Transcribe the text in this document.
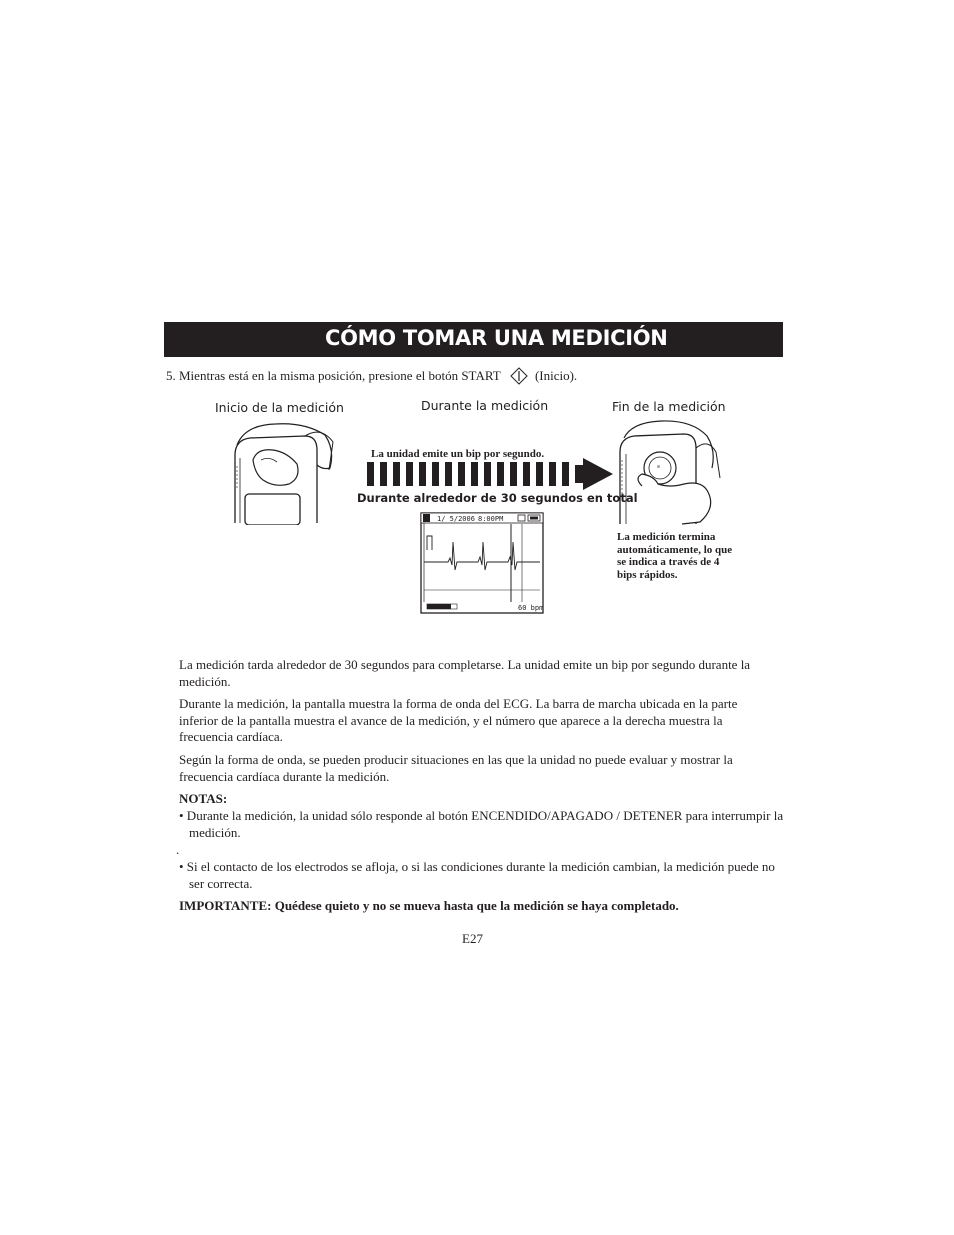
CÓMO TOMAR UNA MEDICIÓN
5. Mientras está en la misma posición, presione el botón START	(Inicio).
Inicio de la medición	Durante la medición	Fin de la medición
La unidad emite un bip por segundo.
Durante alrededor de 30 segundos en total
⊙
La medición termina
automáticamente, lo que
se indica a través de 4
bips rápidos.
1/ 5/2006 8:00PM
60 bpm
La medición tarda alrededor de 30 segundos para completarse. La unidad emite un bip por segundo durante la medición.
Durante la medición, la pantalla muestra la forma de onda del ECG. La barra de marcha ubicada en la parte inferior de la pantalla muestra el avance de la medición, y el número que aparece a la derecha muestra la frecuencia cardíaca.
Según la forma de onda, se pueden producir situaciones en las que la unidad no puede evaluar y mostrar la frecuencia cardíaca durante la medición.
NOTAS:
• Durante la medición, la unidad sólo responde al botón ENCENDIDO/APAGADO / DETENER para interrumpir la medición.
.
• Si el contacto de los electrodos se afloja, o si las condiciones durante la medición cambian, la medición puede no ser correcta.
IMPORTANTE: Quédese quieto y no se mueva hasta que la medición se haya completado.
E27
